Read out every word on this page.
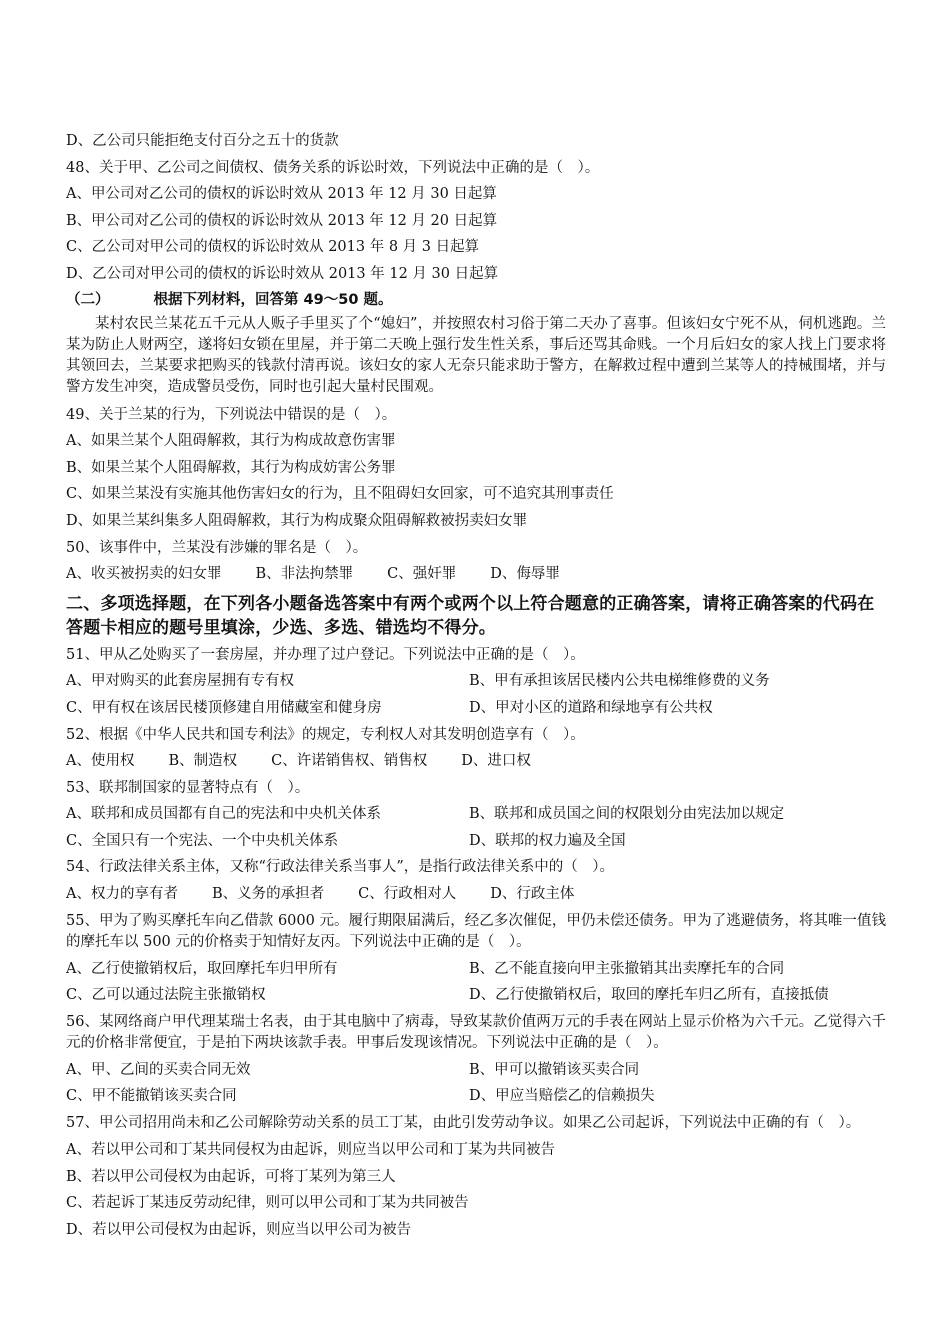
D、乙公司只能拒绝支付百分之五十的货款
48、关于甲、乙公司之间债权、债务关系的诉讼时效，下列说法中正确的是（　）。
A、甲公司对乙公司的债权的诉讼时效从 2013 年 12 月 30 日起算
B、甲公司对乙公司的债权的诉讼时效从 2013 年 12 月 20 日起算
C、乙公司对甲公司的债权的诉讼时效从 2013 年 8 月 3 日起算
D、乙公司对甲公司的债权的诉讼时效从 2013 年 12 月 30 日起算
（二）	根据下列材料，回答第 49～50 题。
某村农民兰某花五千元从人贩子手里买了个“媳妇”，并按照农村习俗于第二天办了喜事。但该妇女宁死不从，伺机逃跑。兰某为防止人财两空，遂将妇女锁在里屋，并于第二天晚上强行发生性关系，事后还骂其命贱。一个月后妇女的家人找上门要求将其领回去，兰某要求把购买的钱款付清再说。该妇女的家人无奈只能求助于警方，在解救过程中遭到兰某等人的持械围堵，并与警方发生冲突，造成警员受伤，同时也引起大量村民围观。
49、关于兰某的行为，下列说法中错误的是（　）。
A、如果兰某个人阻碍解救，其行为构成故意伤害罪
B、如果兰某个人阻碍解救，其行为构成妨害公务罪
C、如果兰某没有实施其他伤害妇女的行为，且不阻碍妇女回家，可不追究其刑事责任
D、如果兰某纠集多人阻碍解救，其行为构成聚众阻碍解救被拐卖妇女罪
50、该事件中，兰某没有涉嫌的罪名是（　）。
A、收买被拐卖的妇女罪 B、非法拘禁罪 C、强奸罪 D、侮辱罪
二、多项选择题，在下列各小题备选答案中有两个或两个以上符合题意的正确答案，请将正确答案的代码在答题卡相应的题号里填涂，少选、多选、错选均不得分。
51、甲从乙处购买了一套房屋，并办理了过户登记。下列说法中正确的是（　）。
A、甲对购买的此套房屋拥有专有权	B、甲有承担该居民楼内公共电梯维修费的义务
C、甲有权在该居民楼顶修建自用储藏室和健身房	D、甲对小区的道路和绿地享有公共权
52、根据《中华人民共和国专利法》的规定，专利权人对其发明创造享有（　）。
A、使用权 B、制造权 C、许诺销售权、销售权 D、进口权
53、联邦制国家的显著特点有（　）。
A、联邦和成员国都有自己的宪法和中央机关体系	B、联邦和成员国之间的权限划分由宪法加以规定
C、全国只有一个宪法、一个中央机关体系	D、联邦的权力遍及全国
54、行政法律关系主体，又称“行政法律关系当事人”，是指行政法律关系中的（　）。
A、权力的享有者 B、义务的承担者 C、行政相对人 D、行政主体
55、甲为了购买摩托车向乙借款 6000 元。履行期限届满后，经乙多次催促，甲仍未偿还债务。甲为了逃避债务，将其唯一值钱的摩托车以 500 元的价格卖于知情好友丙。下列说法中正确的是（　）。
A、乙行使撤销权后，取回摩托车归甲所有	B、乙不能直接向甲主张撤销其出卖摩托车的合同
C、乙可以通过法院主张撤销权	D、乙行使撤销权后，取回的摩托车归乙所有，直接抵债
56、某网络商户甲代理某瑞士名表，由于其电脑中了病毒，导致某款价值两万元的手表在网站上显示价格为六千元。乙觉得六千元的价格非常便宜，于是拍下两块该款手表。甲事后发现该情况。下列说法中正确的是（　）。
A、甲、乙间的买卖合同无效	B、甲可以撤销该买卖合同
C、甲不能撤销该买卖合同	D、甲应当赔偿乙的信赖损失
57、甲公司招用尚未和乙公司解除劳动关系的员工丁某，由此引发劳动争议。如果乙公司起诉，下列说法中正确的有（　）。
A、若以甲公司和丁某共同侵权为由起诉，则应当以甲公司和丁某为共同被告
B、若以甲公司侵权为由起诉，可将丁某列为第三人
C、若起诉丁某违反劳动纪律，则可以甲公司和丁某为共同被告
D、若以甲公司侵权为由起诉，则应当以甲公司为被告
